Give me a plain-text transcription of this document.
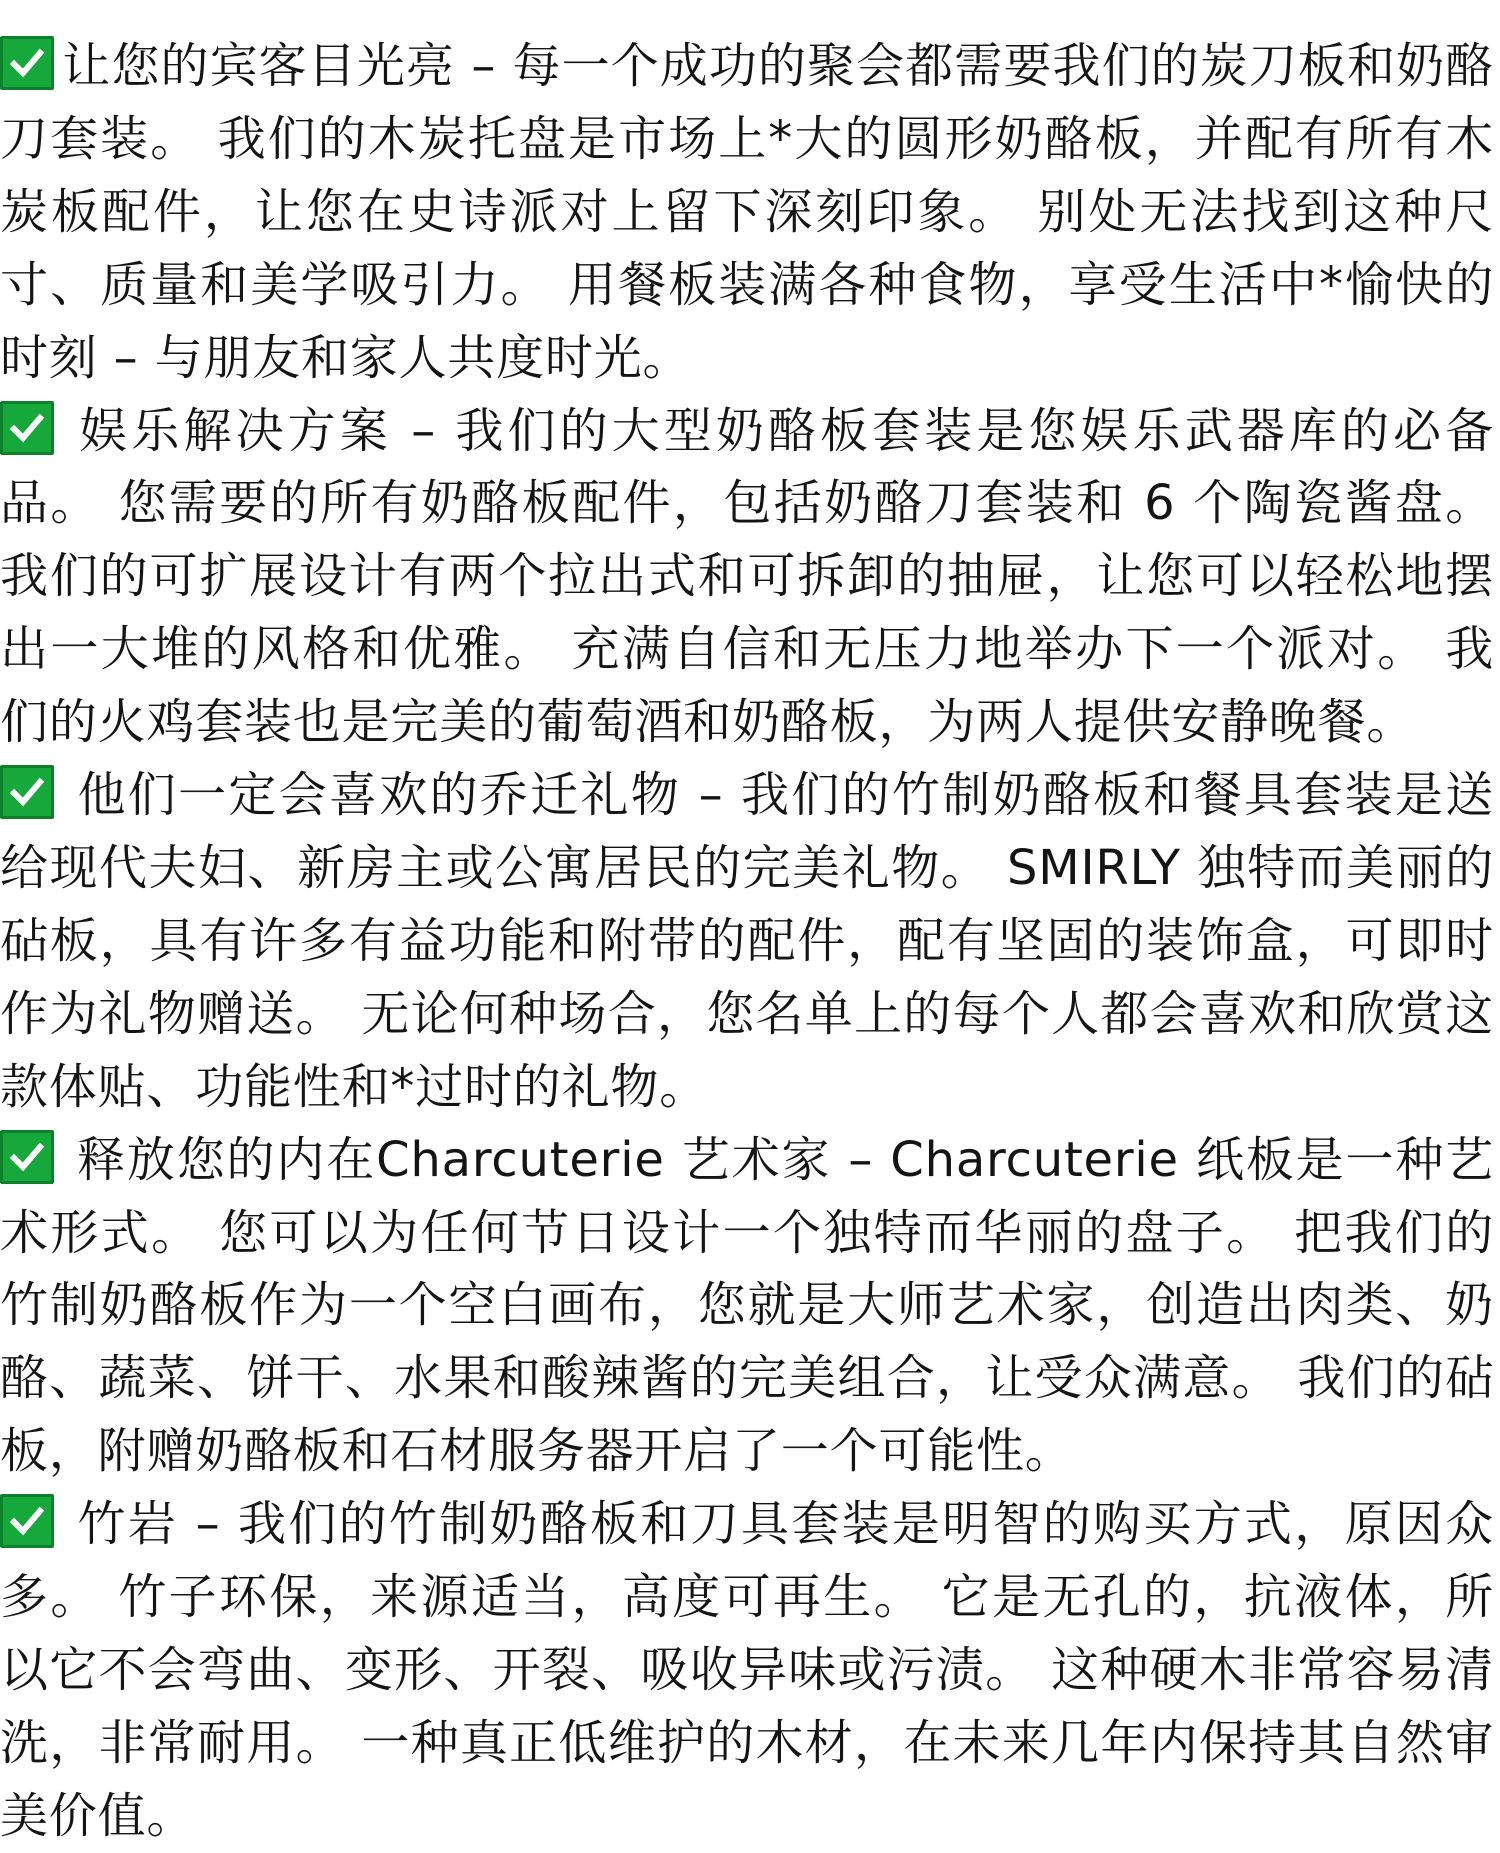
让您的宾客目光亮 – 每一个成功的聚会都需要我们的炭刀板和奶酪刀套装。 我们的木炭托盘是市场上*大的圆形奶酪板，并配有所有木炭板配件，让您在史诗派对上留下深刻印象。 别处无法找到这种尺寸、质量和美学吸引力。 用餐板装满各种食物，享受生活中*愉快的时刻 – 与朋友和家人共度时光。

娱乐解决方案 – 我们的大型奶酪板套装是您娱乐武器库的必备品。 您需要的所有奶酪板配件，包括奶酪刀套装和 6 个陶瓷酱盘。 我们的可扩展设计有两个拉出式和可拆卸的抽屉，让您可以轻松地摆出一大堆的风格和优雅。 充满自信和无压力地举办下一个派对。 我们的火鸡套装也是完美的葡萄酒和奶酪板，为两人提供安静晚餐。

他们一定会喜欢的乔迁礼物 – 我们的竹制奶酪板和餐具套装是送给现代夫妇、新房主或公寓居民的完美礼物。 SMIRLY 独特而美丽的砧板，具有许多有益功能和附带的配件，配有坚固的装饰盒，可即时作为礼物赠送。 无论何种场合，您名单上的每个人都会喜欢和欣赏这款体贴、功能性和*过时的礼物。

释放您的内在Charcuterie 艺术家 – Charcuterie 纸板是一种艺术形式。 您可以为任何节日设计一个独特而华丽的盘子。 把我们的竹制奶酪板作为一个空白画布，您就是大师艺术家，创造出肉类、奶酪、蔬菜、饼干、水果和酸辣酱的完美组合，让受众满意。 我们的砧板，附赠奶酪板和石材服务器开启了一个可能性。

竹岩 – 我们的竹制奶酪板和刀具套装是明智的购买方式，原因众多。 竹子环保，来源适当，高度可再生。 它是无孔的，抗液体，所以它不会弯曲、变形、开裂、吸收异味或污渍。 这种硬木非常容易清洗，非常耐用。 一种真正低维护的木材，在未来几年内保持其自然审美价值。
